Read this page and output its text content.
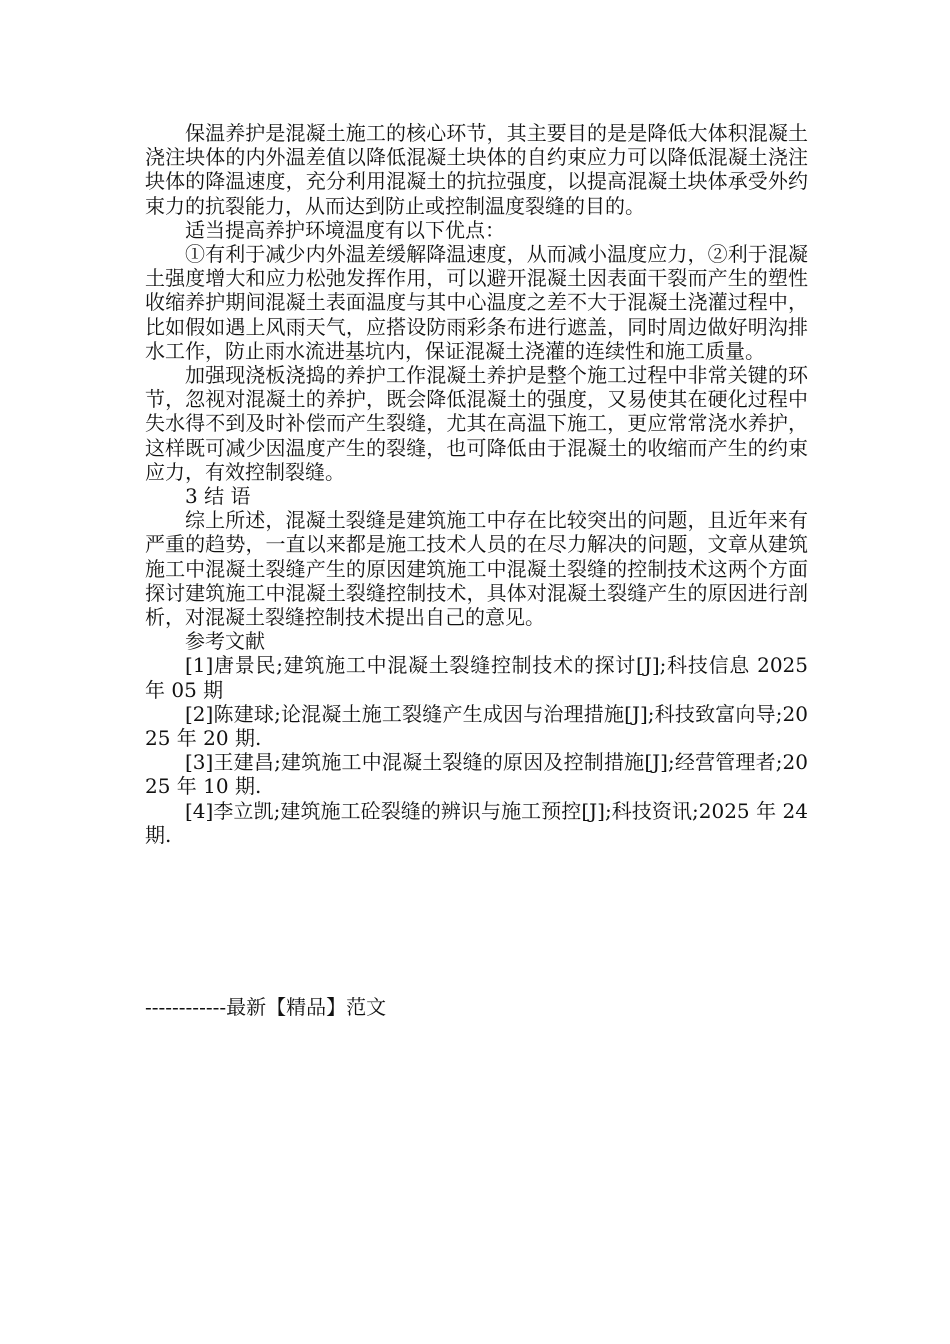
保温养护是混凝土施工的核心环节，其主要目的是是降低大体积混凝土浇注块体的内外温差值以降低混凝土块体的自约束应力可以降低混凝土浇注块体的降温速度，充分利用混凝土的抗拉强度，以提高混凝土块体承受外约束力的抗裂能力，从而达到防止或控制温度裂缝的目的。

适当提高养护环境温度有以下优点：

①有利于减少内外温差缓解降温速度，从而减小温度应力，②利于混凝土强度增大和应力松弛发挥作用，可以避开混凝土因表面干裂而产生的塑性收缩养护期间混凝土表面温度与其中心温度之差不大于混凝土浇灌过程中，比如假如遇上风雨天气，应搭设防雨彩条布进行遮盖，同时周边做好明沟排水工作，防止雨水流进基坑内，保证混凝土浇灌的连续性和施工质量。

加强现浇板浇捣的养护工作混凝土养护是整个施工过程中非常关键的环节，忽视对混凝土的养护，既会降低混凝土的强度，又易使其在硬化过程中失水得不到及时补偿而产生裂缝，尤其在高温下施工，更应常常浇水养护，这样既可减少因温度产生的裂缝，也可降低由于混凝土的收缩而产生的约束应力，有效控制裂缝。

3 结 语

综上所述，混凝土裂缝是建筑施工中存在比较突出的问题，且近年来有严重的趋势，一直以来都是施工技术人员的在尽力解决的问题，文章从建筑施工中混凝土裂缝产生的原因建筑施工中混凝土裂缝的控制技术这两个方面探讨建筑施工中混凝土裂缝控制技术，具体对混凝土裂缝产生的原因进行剖析，对混凝土裂缝控制技术提出自己的意见。

参考文献

[1]唐景民;建筑施工中混凝土裂缝控制技术的探讨[J];科技信息 2025 年 05 期

[2]陈建球;论混凝土施工裂缝产生成因与治理措施[J];科技致富向导;2025 年 20 期.

[3]王建昌;建筑施工中混凝土裂缝的原因及控制措施[J];经营管理者;2025 年 10 期.

[4]李立凯;建筑施工砼裂缝的辨识与施工预控[J];科技资讯;2025 年 24 期.

------------最新【精品】范文
